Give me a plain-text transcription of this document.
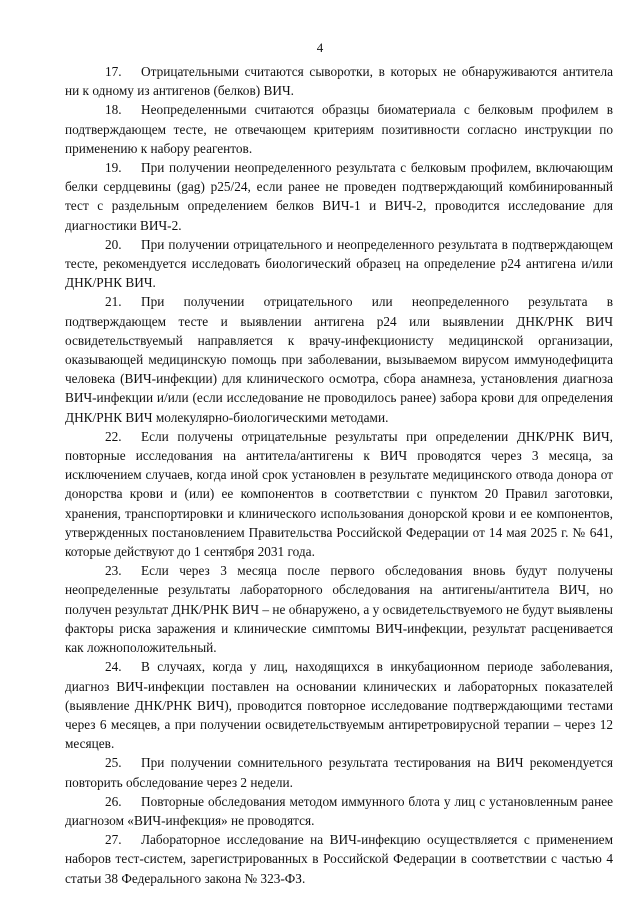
4

17. Отрицательными считаются сыворотки, в которых не обнаруживаются антитела ни к одному из антигенов (белков) ВИЧ.

18. Неопределенными считаются образцы биоматериала с белковым профилем в подтверждающем тесте, не отвечающем критериям позитивности согласно инструкции по применению к набору реагентов.

19. При получении неопределенного результата с белковым профилем, включающим белки сердцевины (gag) p25/24, если ранее не проведен подтверждающий комбинированный тест с раздельным определением белков ВИЧ-1 и ВИЧ-2, проводится исследование для диагностики ВИЧ-2.

20. При получении отрицательного и неопределенного результата в подтверждающем тесте, рекомендуется исследовать биологический образец на определение p24 антигена и/или ДНК/РНК ВИЧ.

21. При получении отрицательного или неопределенного результата в подтверждающем тесте и выявлении антигена p24 или выявлении ДНК/РНК ВИЧ освидетельствуемый направляется к врачу-инфекционисту медицинской организации, оказывающей медицинскую помощь при заболевании, вызываемом вирусом иммунодефицита человека (ВИЧ-инфекции) для клинического осмотра, сбора анамнеза, установления диагноза ВИЧ-инфекции и/или (если исследование не проводилось ранее) забора крови для определения ДНК/РНК ВИЧ молекулярно-биологическими методами.

22. Если получены отрицательные результаты при определении ДНК/РНК ВИЧ, повторные исследования на антитела/антигены к ВИЧ проводятся через 3 месяца, за исключением случаев, когда иной срок установлен в результате медицинского отвода донора от донорства крови и (или) ее компонентов в соответствии с пунктом 20 Правил заготовки, хранения, транспортировки и клинического использования донорской крови и ее компонентов, утвержденных постановлением Правительства Российской Федерации от 14 мая 2025 г. № 641, которые действуют до 1 сентября 2031 года.

23. Если через 3 месяца после первого обследования вновь будут получены неопределенные результаты лабораторного обследования на антигены/антитела ВИЧ, но получен результат ДНК/РНК ВИЧ – не обнаружено, а у освидетельствуемого не будут выявлены факторы риска заражения и клинические симптомы ВИЧ-инфекции, результат расценивается как ложноположительный.

24. В случаях, когда у лиц, находящихся в инкубационном периоде заболевания, диагноз ВИЧ-инфекции поставлен на основании клинических и лабораторных показателей (выявление ДНК/РНК ВИЧ), проводится повторное исследование подтверждающими тестами через 6 месяцев, а при получении освидетельствуемым антиретровирусной терапии – через 12 месяцев.

25. При получении сомнительного результата тестирования на ВИЧ рекомендуется повторить обследование через 2 недели.

26. Повторные обследования методом иммунного блота у лиц с установленным ранее диагнозом «ВИЧ-инфекция» не проводятся.

27. Лабораторное исследование на ВИЧ-инфекцию осуществляется с применением наборов тест-систем, зарегистрированных в Российской Федерации в соответствии с частью 4 статьи 38 Федерального закона № 323-ФЗ.
